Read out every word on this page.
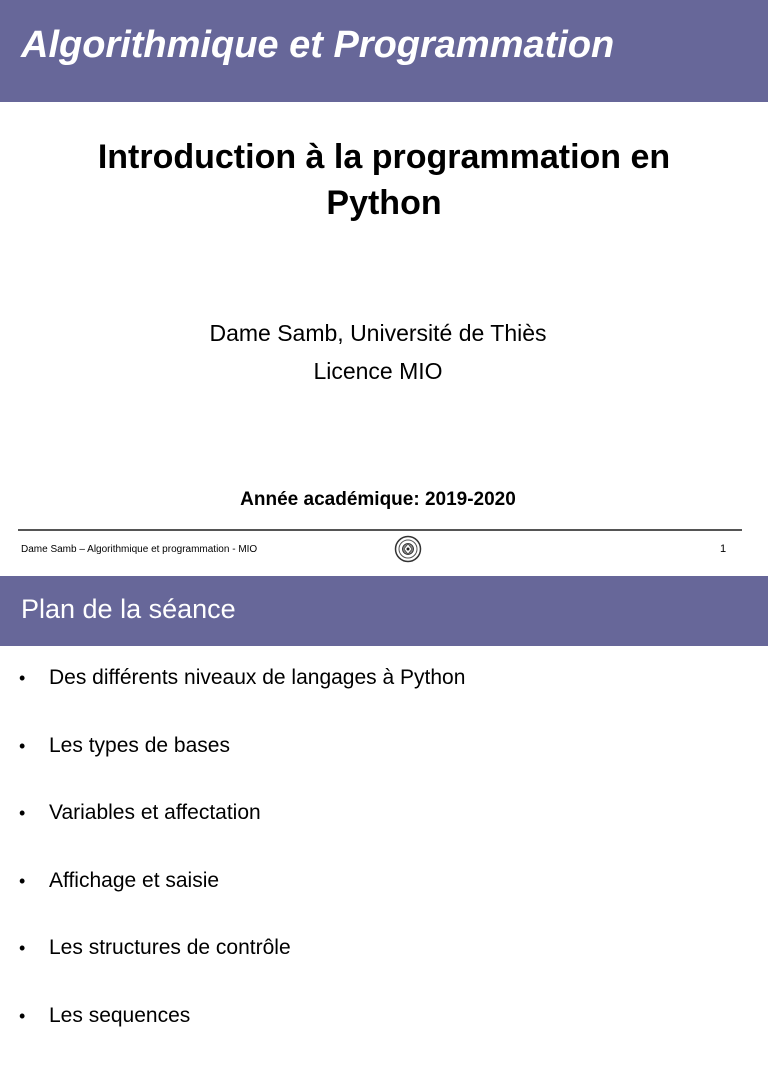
Algorithmique et Programmation
Introduction à la programmation en
Python
Dame Samb, Université de Thiès
Licence MIO
Année académique: 2019-2020
Dame Samb – Algorithmique et programmation - MIO	1
Plan de la séance
• Des différents niveaux de langages à Python
• Les types de bases
• Variables et affectation
• Affichage et saisie
• Les structures de contrôle
• Les sequences
